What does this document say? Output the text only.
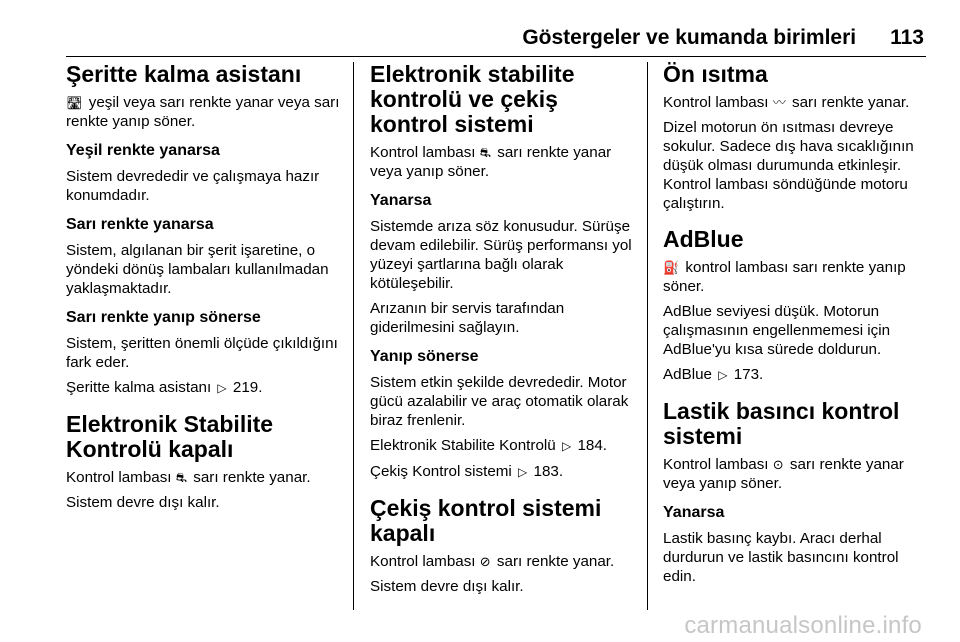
Göstergeler ve kumanda birimleri 113
Şeritte kalma asistanı

🛣 yeşil veya sarı renkte yanar veya sarı renkte yanıp söner.

Yeşil renkte yanarsa

Sistem devrededir ve çalışmaya hazır konumdadır.

Sarı renkte yanarsa

Sistem, algılanan bir şerit işaretine, o yöndeki dönüş lambaları kullanılmadan yaklaşmaktadır.

Sarı renkte yanıp sönerse

Sistem, şeritten önemli ölçüde çıkıldığını fark eder.

Şeritte kalma asistanı ▷ 219.

Elektronik Stabilite Kontrolü kapalı

Kontrol lambası ⛐ sarı renkte yanar.

Sistem devre dışı kalır.

Elektronik stabilite kontrolü ve çekiş kontrol sistemi

Kontrol lambası ⛐ sarı renkte yanar veya yanıp söner.

Yanarsa

Sistemde arıza söz konusudur. Sürüşe devam edilebilir. Sürüş performansı yol yüzeyi şartlarına bağlı olarak kötüleşebilir.

Arızanın bir servis tarafından giderilmesini sağlayın.

Yanıp sönerse

Sistem etkin şekilde devrededir. Motor gücü azalabilir ve araç otomatik olarak biraz frenlenir.

Elektronik Stabilite Kontrolü ▷ 184.

Çekiş Kontrol sistemi ▷ 183.

Çekiş kontrol sistemi kapalı

Kontrol lambası ⊘ sarı renkte yanar.

Sistem devre dışı kalır.

Ön ısıtma

Kontrol lambası 〰 sarı renkte yanar.

Dizel motorun ön ısıtması devreye sokulur. Sadece dış hava sıcaklığının düşük olması durumunda etkinleşir. Kontrol lambası söndüğünde motoru çalıştırın.

AdBlue

⛽ kontrol lambası sarı renkte yanıp söner.

AdBlue seviyesi düşük. Motorun çalışmasının engellenmemesi için AdBlue'yu kısa sürede doldurun.

AdBlue ▷ 173.

Lastik basıncı kontrol sistemi

Kontrol lambası ⊙ sarı renkte yanar veya yanıp söner.

Yanarsa

Lastik basınç kaybı. Aracı derhal durdurun ve lastik basıncını kontrol edin.

carmanualsonline.info
